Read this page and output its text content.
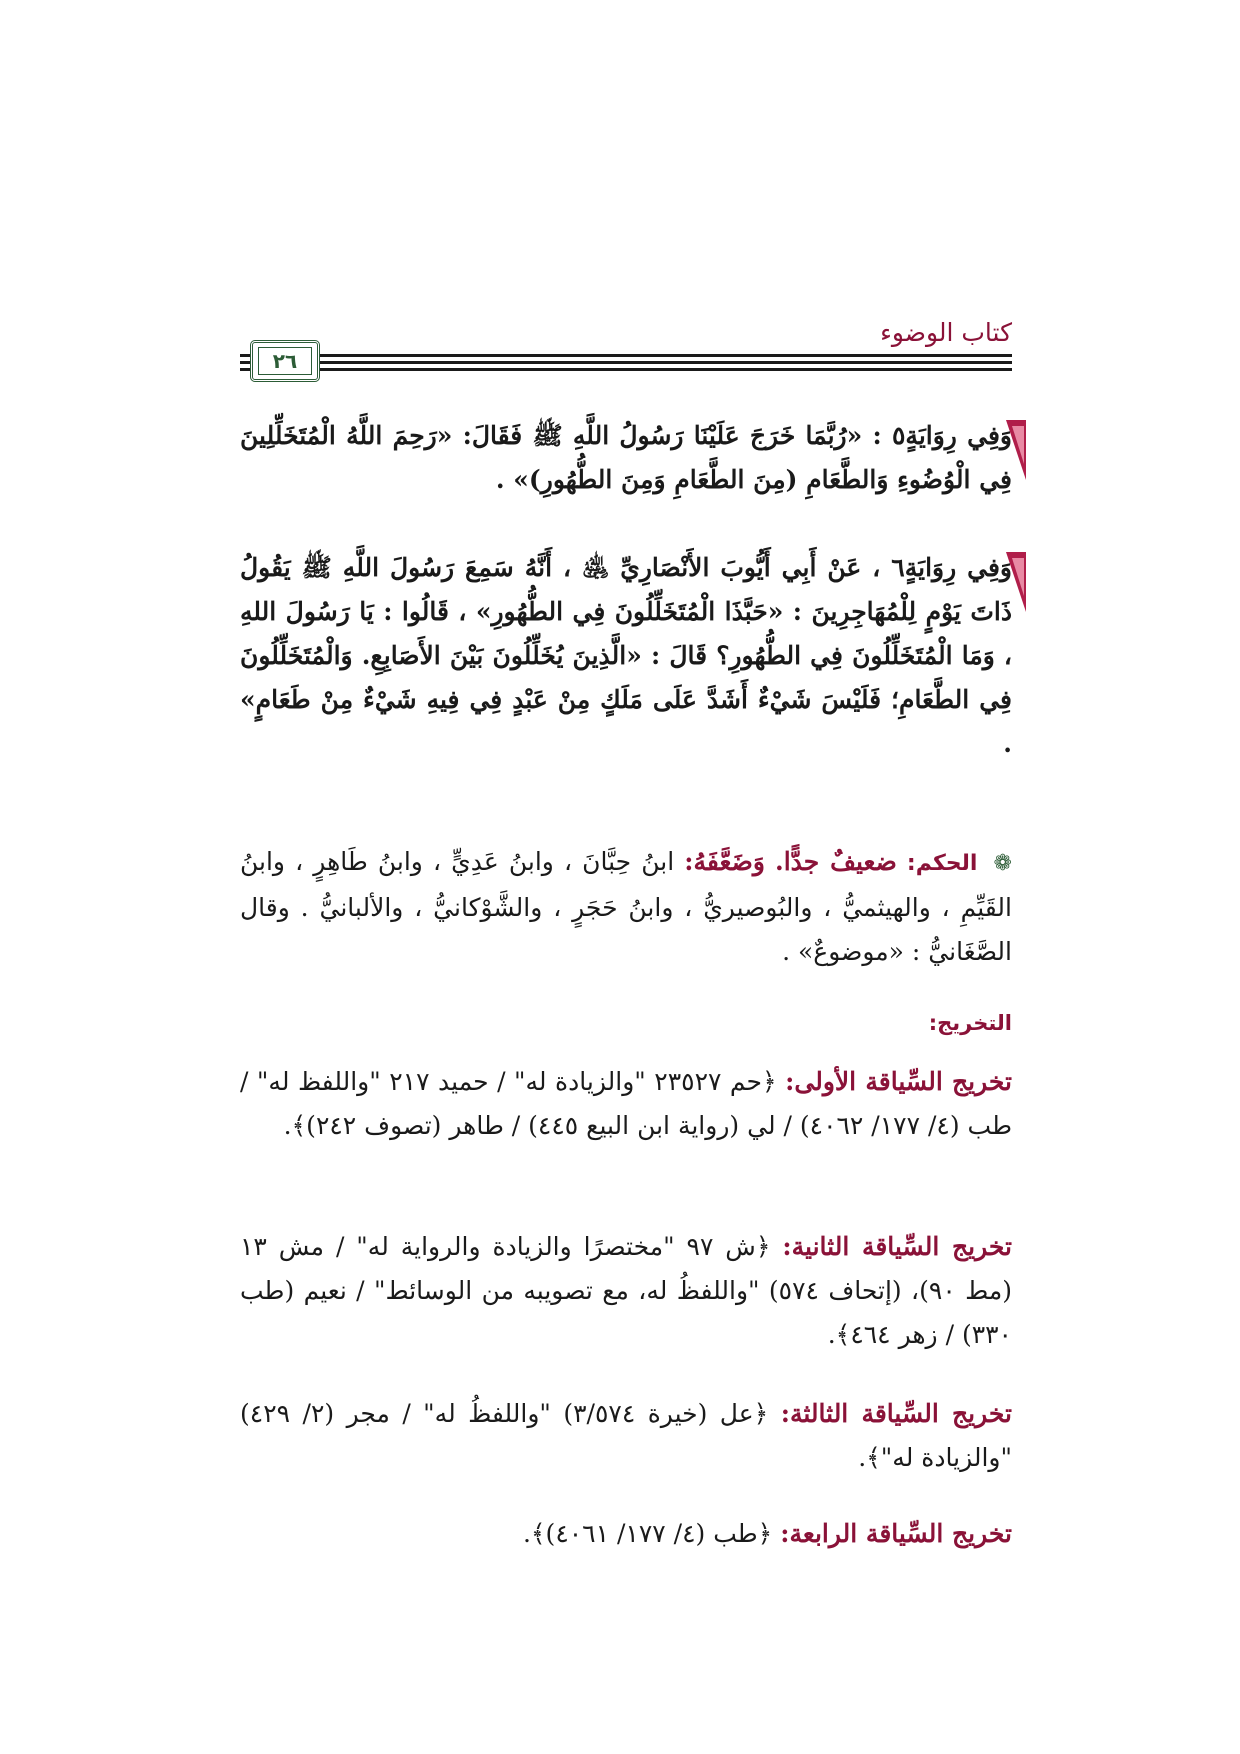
كتاب الوضوء
٢٦
وَفِي رِوَايَةٍ٥ : «رُبَّمَا خَرَجَ عَلَيْنَا رَسُولُ اللَّهِ ﷺ فَقَالَ: «رَحِمَ اللَّهُ الْمُتَخَلِّلِينَ فِي الْوُضُوءِ وَالطَّعَامِ (مِنَ الطَّعَامِ وَمِنَ الطُّهُورِ)» .
وَفِي رِوَايَةٍ٦ ، عَنْ أَبِي أَيُّوبَ الأَنْصَارِيِّ ﵁ ، أَنَّهُ سَمِعَ رَسُولَ اللَّهِ ﷺ يَقُولُ ذَاتَ يَوْمٍ لِلْمُهَاجِرِينَ : «حَبَّذَا الْمُتَخَلِّلُونَ فِي الطُّهُورِ» ، قَالُوا : يَا رَسُولَ اللهِ ، وَمَا الْمُتَخَلِّلُونَ فِي الطُّهُورِ؟ قَالَ : «الَّذِينَ يُخَلِّلُونَ بَيْنَ الأَصَابِعِ. وَالْمُتَخَلِّلُونَ فِي الطَّعَامِ؛ فَلَيْسَ شَيْءٌ أَشَدَّ عَلَى مَلَكٍ مِنْ عَبْدٍ فِي فِيهِ شَيْءٌ مِنْ طَعَامٍ» .
❁ الحكم: ضعيفٌ جدًّا. وَضَعَّفَهُ: ابنُ حِبَّانَ ، وابنُ عَدِيٍّ ، وابنُ طَاهِرٍ ، وابنُ القَيِّمِ ، والهيثميُّ ، والبُوصيريُّ ، وابنُ حَجَرٍ ، والشَّوْكانيُّ ، والألبانيُّ . وقال الصَّغَانيُّ : «موضوعٌ» .
التخريج:
تخريج السِّياقة الأولى: ﴿حم ٢٣٥٢٧ "والزيادة له" / حميد ٢١٧ "واللفظ له" / طب (٤/ ١٧٧/ ٤٠٦٢) / لي (رواية ابن البيع ٤٤٥) / طاهر (تصوف ٢٤٢)﴾.
تخريج السِّياقة الثانية: ﴿ش ٩٧ "مختصرًا والزيادة والرواية له" / مش ١٣ (مط ٩٠)، (إتحاف ٥٧٤) "واللفظُ له، مع تصويبه من الوسائط" / نعيم (طب ٣٣٠) / زهر ٤٦٤﴾.
تخريج السِّياقة الثالثة: ﴿عل (خيرة ٣/٥٧٤) "واللفظُ له" / مجر (٢/ ٤٢٩) "والزيادة له"﴾.
تخريج السِّياقة الرابعة: ﴿طب (٤/ ١٧٧/ ٤٠٦١)﴾.
